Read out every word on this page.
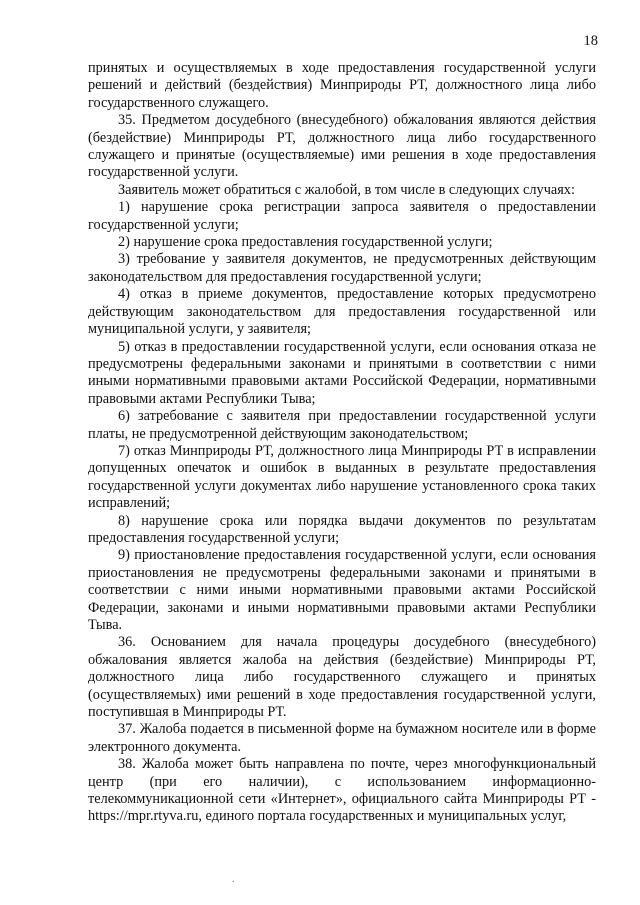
18

принятых и осуществляемых в ходе предоставления государственной услуги решений и действий (бездействия) Минприроды РТ, должностного лица либо государственного служащего.

35. Предметом досудебного (внесудебного) обжалования являются действия (бездействие) Минприроды РТ, должностного лица либо государственного служащего и принятые (осуществляемые) ими решения в ходе предоставления государственной услуги.

Заявитель может обратиться с жалобой, в том числе в следующих случаях:

1) нарушение срока регистрации запроса заявителя о предоставлении государственной услуги;

2) нарушение срока предоставления государственной услуги;

3) требование у заявителя документов, не предусмотренных действующим законодательством для предоставления государственной услуги;

4) отказ в приеме документов, предоставление которых предусмотрено действующим законодательством для предоставления государственной или муниципальной услуги, у заявителя;

5) отказ в предоставлении государственной услуги, если основания отказа не предусмотрены федеральными законами и принятыми в соответствии с ними иными нормативными правовыми актами Российской Федерации, нормативными правовыми актами Республики Тыва;

6) затребование с заявителя при предоставлении государственной услуги платы, не предусмотренной действующим законодательством;

7) отказ Минприроды РТ, должностного лица Минприроды РТ в исправлении допущенных опечаток и ошибок в выданных в результате предоставления государственной услуги документах либо нарушение установленного срока таких исправлений;

8) нарушение срока или порядка выдачи документов по результатам предоставления государственной услуги;

9) приостановление предоставления государственной услуги, если основания приостановления не предусмотрены федеральными законами и принятыми в соответствии с ними иными нормативными правовыми актами Российской Федерации, законами и иными нормативными правовыми актами Республики Тыва.

36. Основанием для начала процедуры досудебного (внесудебного) обжалования является жалоба на действия (бездействие) Минприроды РТ, должностного лица либо государственного служащего и принятых (осуществляемых) ими решений в ходе предоставления государственной услуги, поступившая в Минприроды РТ.

37. Жалоба подается в письменной форме на бумажном носителе или в форме электронного документа.

38. Жалоба может быть направлена по почте, через многофункциональный центр (при его наличии), с использованием информационно-телекоммуникационной сети «Интернет», официального сайта Минприроды РТ - https://mpr.rtyva.ru, единого портала государственных и муниципальных услуг,

.
